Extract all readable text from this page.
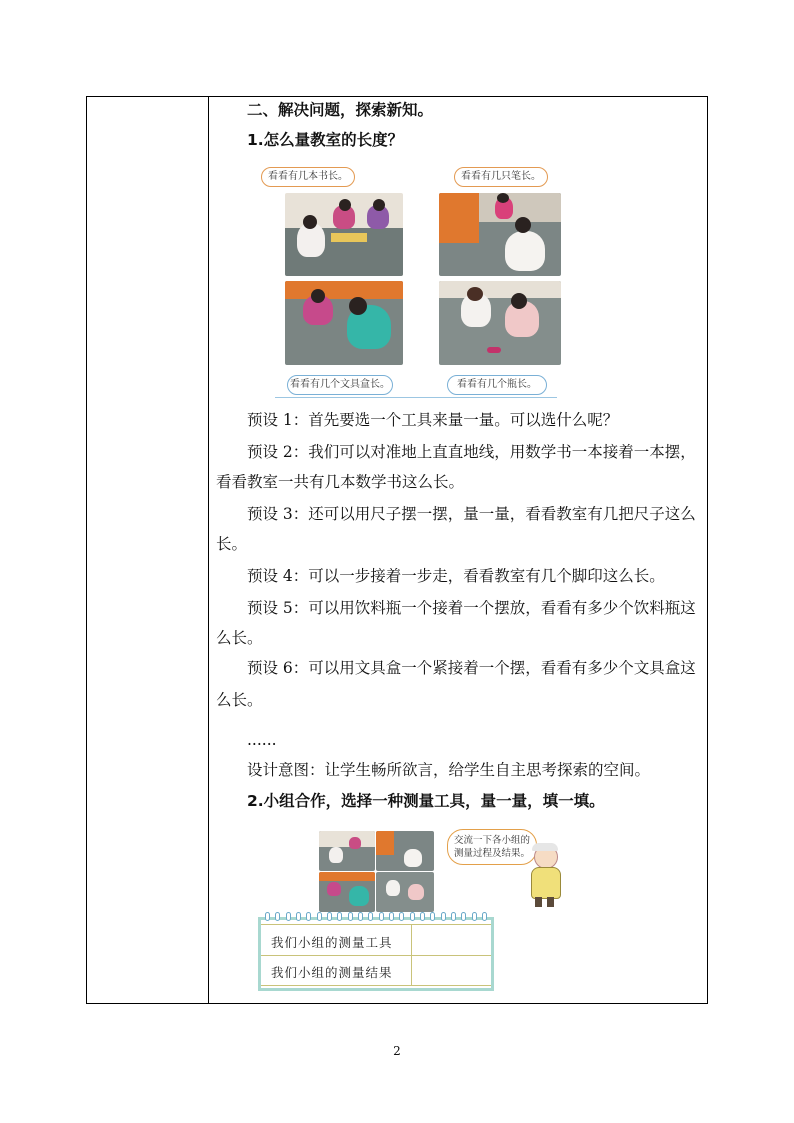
二、解决问题，探索新知。
1.怎么量教室的长度？
看看有几本书长。	看看有几只笔长。
看看有几个文具盒长。	看看有几个瓶长。
预设 1：首先要选一个工具来量一量。可以选什么呢？
预设 2：我们可以对准地上直直地线，用数学书一本接着一本摆，
看看教室一共有几本数学书这么长。
预设 3：还可以用尺子摆一摆，量一量，看看教室有几把尺子这么
长。
预设 4：可以一步接着一步走，看看教室有几个脚印这么长。
预设 5：可以用饮料瓶一个接着一个摆放，看看有多少个饮料瓶这
么长。
预设 6：可以用文具盒一个紧接着一个摆，看看有多少个文具盒这
么长。
......
设计意图：让学生畅所欲言，给学生自主思考探索的空间。
2.小组合作，选择一种测量工具，量一量，填一填。
交流一下各小组的测量过程及结果。
我们小组的测量工具
我们小组的测量结果
2
